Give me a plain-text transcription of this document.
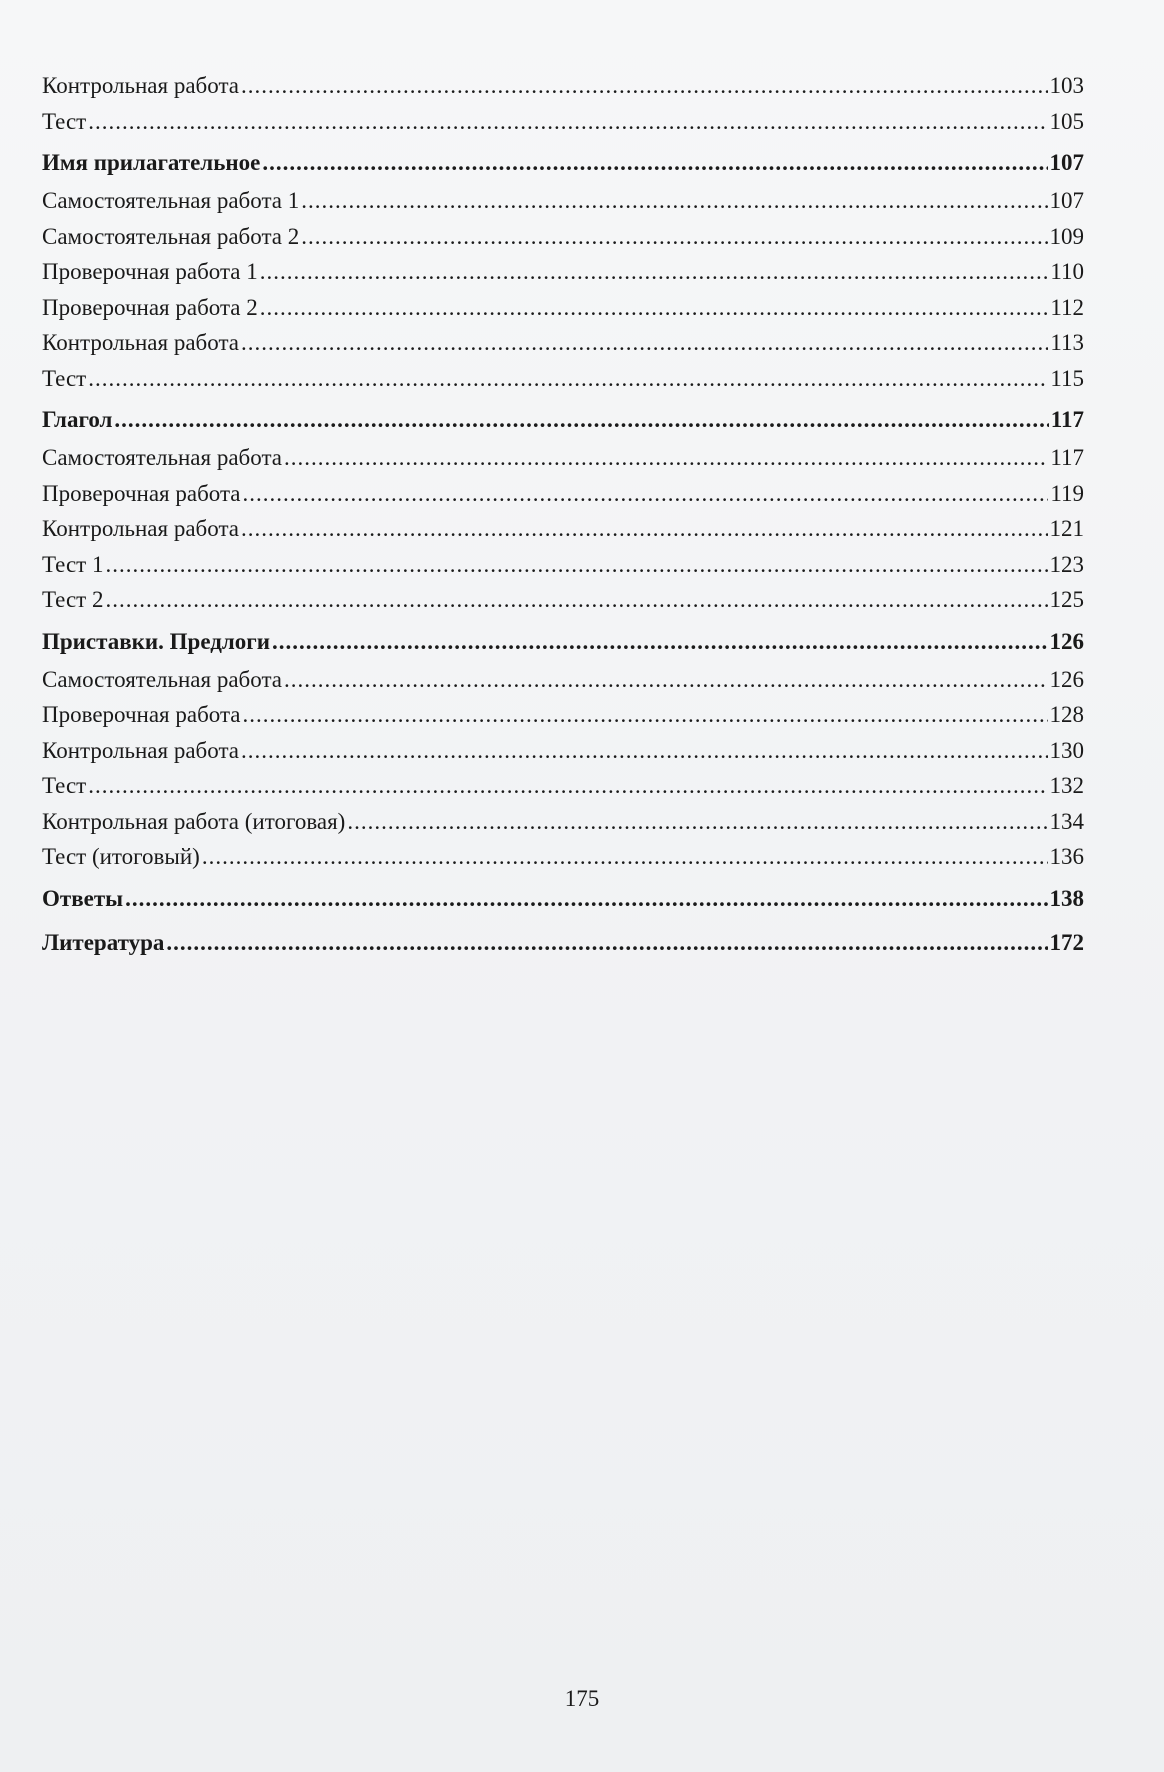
Контрольная работа .....	103
Тест .....	105
Имя прилагательное .....	107
Самостоятельная работа 1 .....	107
Самостоятельная работа 2 .....	109
Проверочная работа 1 .....	110
Проверочная работа 2 .....	112
Контрольная работа .....	113
Тест .....	115
Глагол .....	117
Самостоятельная работа .....	117
Проверочная работа .....	119
Контрольная работа .....	121
Тест 1 .....	123
Тест 2 .....	125
Приставки. Предлоги .....	126
Самостоятельная работа .....	126
Проверочная работа .....	128
Контрольная работа .....	130
Тест .....	132
Контрольная работа (итоговая) .....	134
Тест (итоговый) .....	136
Ответы .....	138
Литература .....	172
175
